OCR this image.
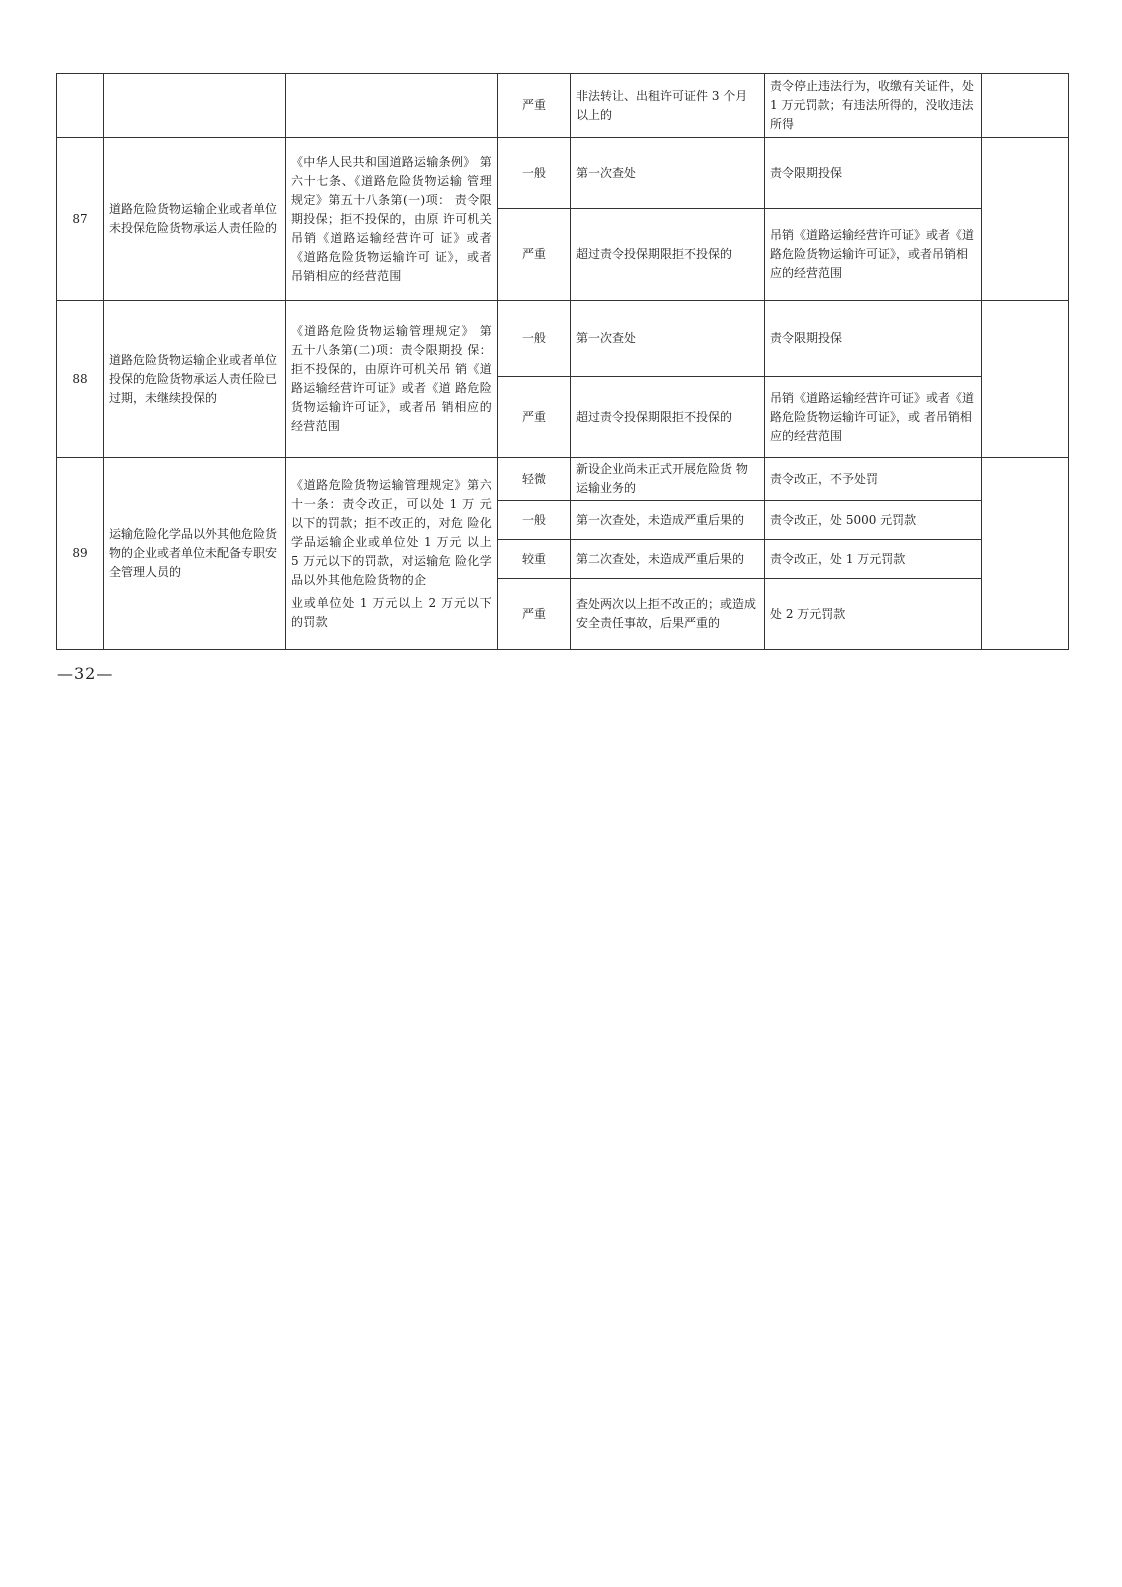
			严重	非法转让、出租许可证件 3 个月 以上的	责令停止违法行为，收缴有关证件，处 1 万元罚款；有违法所得的，没收违法所得	
87	道路危险货物运输企业或者单位未投保危险货物承运人责任险的	《中华人民共和国道路运输条例》 第六十七条、《道路危险货物运输 管理规定》第五十八条第(一)项： 责令限期投保；拒不投保的，由原 许可机关吊销《道路运输经营许可 证》或者《道路危险货物运输许可 证》，或者吊销相应的经营范围	一般	第一次查处	责令限期投保	
			严重	超过责令投保期限拒不投保的	吊销《道路运输经营许可证》或者《道路危险货物运输许可证》，或者吊销相应的经营范围	
88	道路危险货物运输企业或者单位投保的危险货物承运人责任险已过期，未继续投保的	《道路危险货物运输管理规定》 第 五十八条第(二)项：责令限期投 保：拒不投保的，由原许可机关吊 销《道路运输经营许可证》或者《道 路危险货物运输许可证》，或者吊 销相应的经营范围	一般	第一次查处	责令限期投保	
			严重	超过责令投保期限拒不投保的	吊销《道路运输经营许可证》或者《道路危险货物运输许可证》，或 者吊销相应的经营范围	
89	运输危险化学品以外其他危险货物的企业或者单位未配备专职安全管理人员的	《道路危险货物运输管理规定》第六十一条：责令改正，可以处 1 万 元以下的罚款；拒不改正的，对危 险化学品运输企业或单位处 1 万元 以上 5 万元以下的罚款，对运输危 险化学品以外其他危险货物的企
业或单位处 1 万元以上 2 万元以下 的罚款	轻微	新设企业尚未正式开展危险货 物运输业务的	责令改正，不予处罚	
			一般	第一次查处，未造成严重后果的	责令改正，处 5000 元罚款	
			较重	第二次查处，未造成严重后果的	责令改正，处 1 万元罚款	
			严重	查处两次以上拒不改正的；或造成安全责任事故，后果严重的	处 2 万元罚款	
—32—
